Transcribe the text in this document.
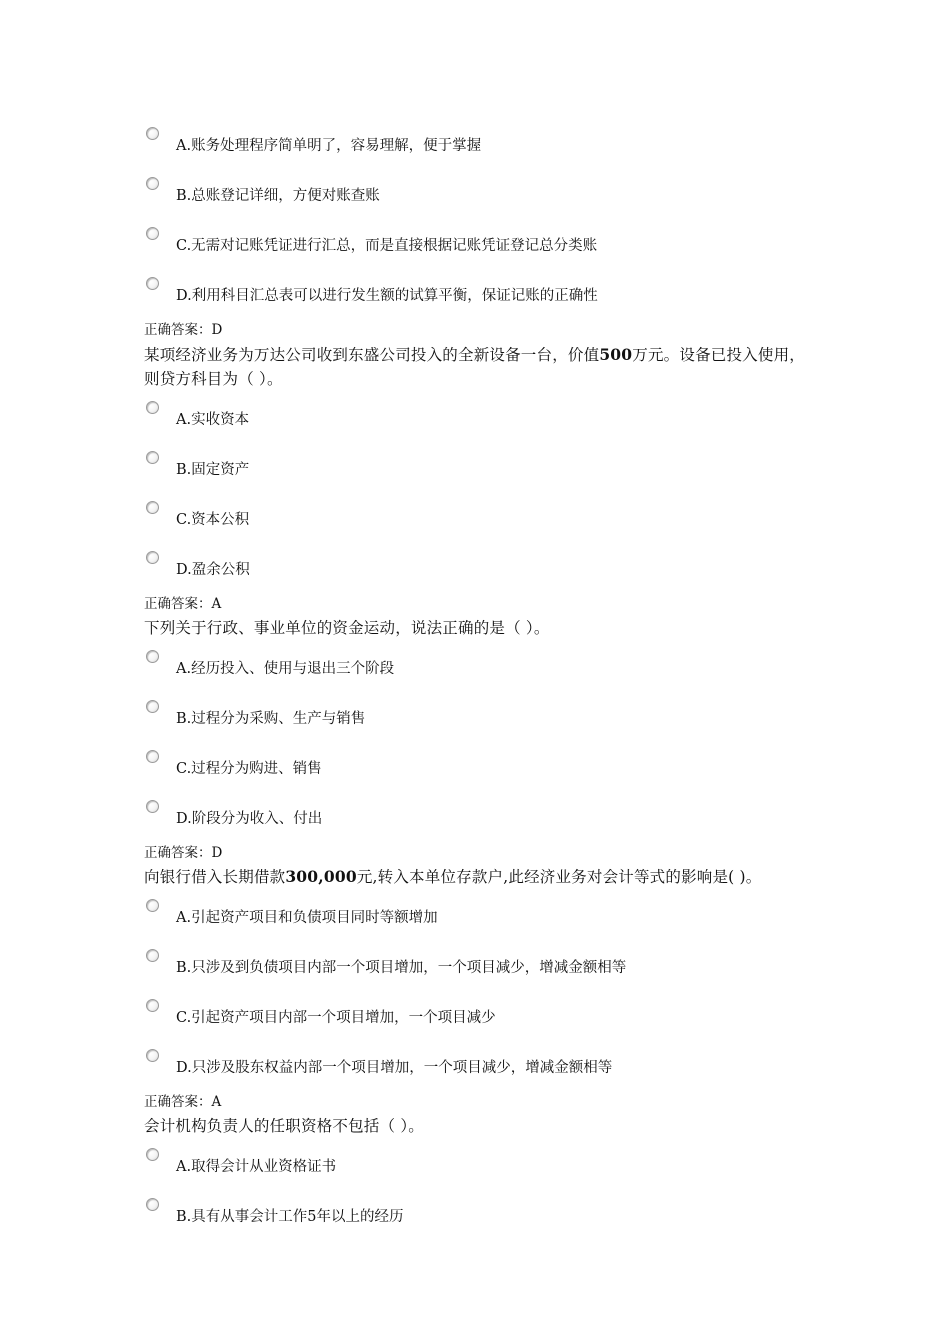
A.账务处理程序简单明了，容易理解，便于掌握
B.总账登记详细，方便对账查账
C.无需对记账凭证进行汇总，而是直接根据记账凭证登记总分类账
D.利用科目汇总表可以进行发生额的试算平衡，保证记账的正确性
正确答案：D
某项经济业务为万达公司收到东盛公司投入的全新设备一台，价值500万元。设备已投入使用，则贷方科目为（ ）。
A.实收资本
B.固定资产
C.资本公积
D.盈余公积
正确答案：A
下列关于行政、事业单位的资金运动，说法正确的是（ ）。
A.经历投入、使用与退出三个阶段
B.过程分为采购、生产与销售
C.过程分为购进、销售
D.阶段分为收入、付出
正确答案：D
向银行借入长期借款300,000元,转入本单位存款户,此经济业务对会计等式的影响是( )。
A.引起资产项目和负债项目同时等额增加
B.只涉及到负债项目内部一个项目增加，一个项目减少，增减金额相等
C.引起资产项目内部一个项目增加，一个项目减少
D.只涉及股东权益内部一个项目增加，一个项目减少，增减金额相等
正确答案：A
会计机构负责人的任职资格不包括（ ）。
A.取得会计从业资格证书
B.具有从事会计工作5年以上的经历
